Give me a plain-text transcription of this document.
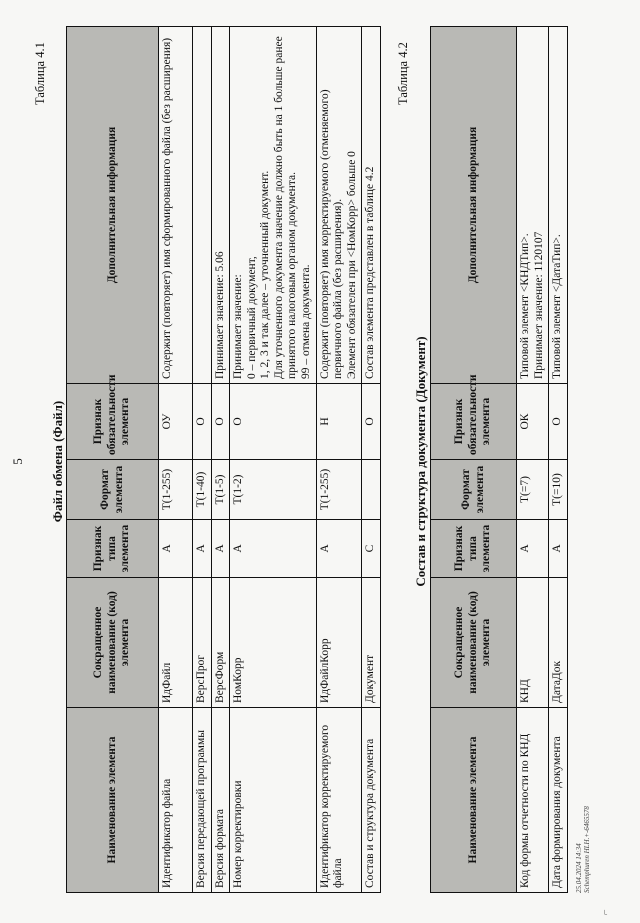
5
Таблица 4.1
Файл обмена (Файл)
Наименование элемента	Сокращенное наименование (код) элемента	Признак типа элемента	Формат элемента	Признак обязательности элемента	Дополнительная информация
Идентификатор файла	ИдФайл	А	Т(1-255)	ОУ	Содержит (повторяет) имя сформированного файла (без расширения)
Версия передающей программы	ВерсПрог	А	Т(1-40)	О	
Версия формата	ВерсФорм	А	Т(1-5)	О	Принимает значение: 5.06
Номер корректировки	НомКорр	А	Т(1-2)	О	Принимает значение:
0 – первичный документ,
1, 2, 3 и так далее – уточненный документ.
Для уточненного документа значение должно быть на 1 больше ранее принятого налоговым органом документа.
99 – отмена документа.
Идентификатор корректируемого файла	ИдФайлКорр	А	Т(1-255)	Н	Содержит (повторяет) имя корректируемого (отменяемого) первичного файла (без расширения).
Элемент обязателен при <НомКорр> больше 0
Состав и структура документа	Документ	С		О	Состав элемента представлен в таблице 4.2
Таблица 4.2
Состав и структура документа (Документ)
Наименование элемента	Сокращенное наименование (код) элемента	Признак типа элемента	Формат элемента	Признак обязательности элемента	Дополнительная информация
Код формы отчетности по КНД	КНД	А	Т(=7)	ОК	Типовой элемент <КНДТип>.
Принимает значение: 1120107
Дата формирования документа	ДатаДок	А	Т(=10)	О	Типовой элемент <ДатаТип>.
25.04.2024 14:34 Schemphuren HLH.+-6465578
⌐
